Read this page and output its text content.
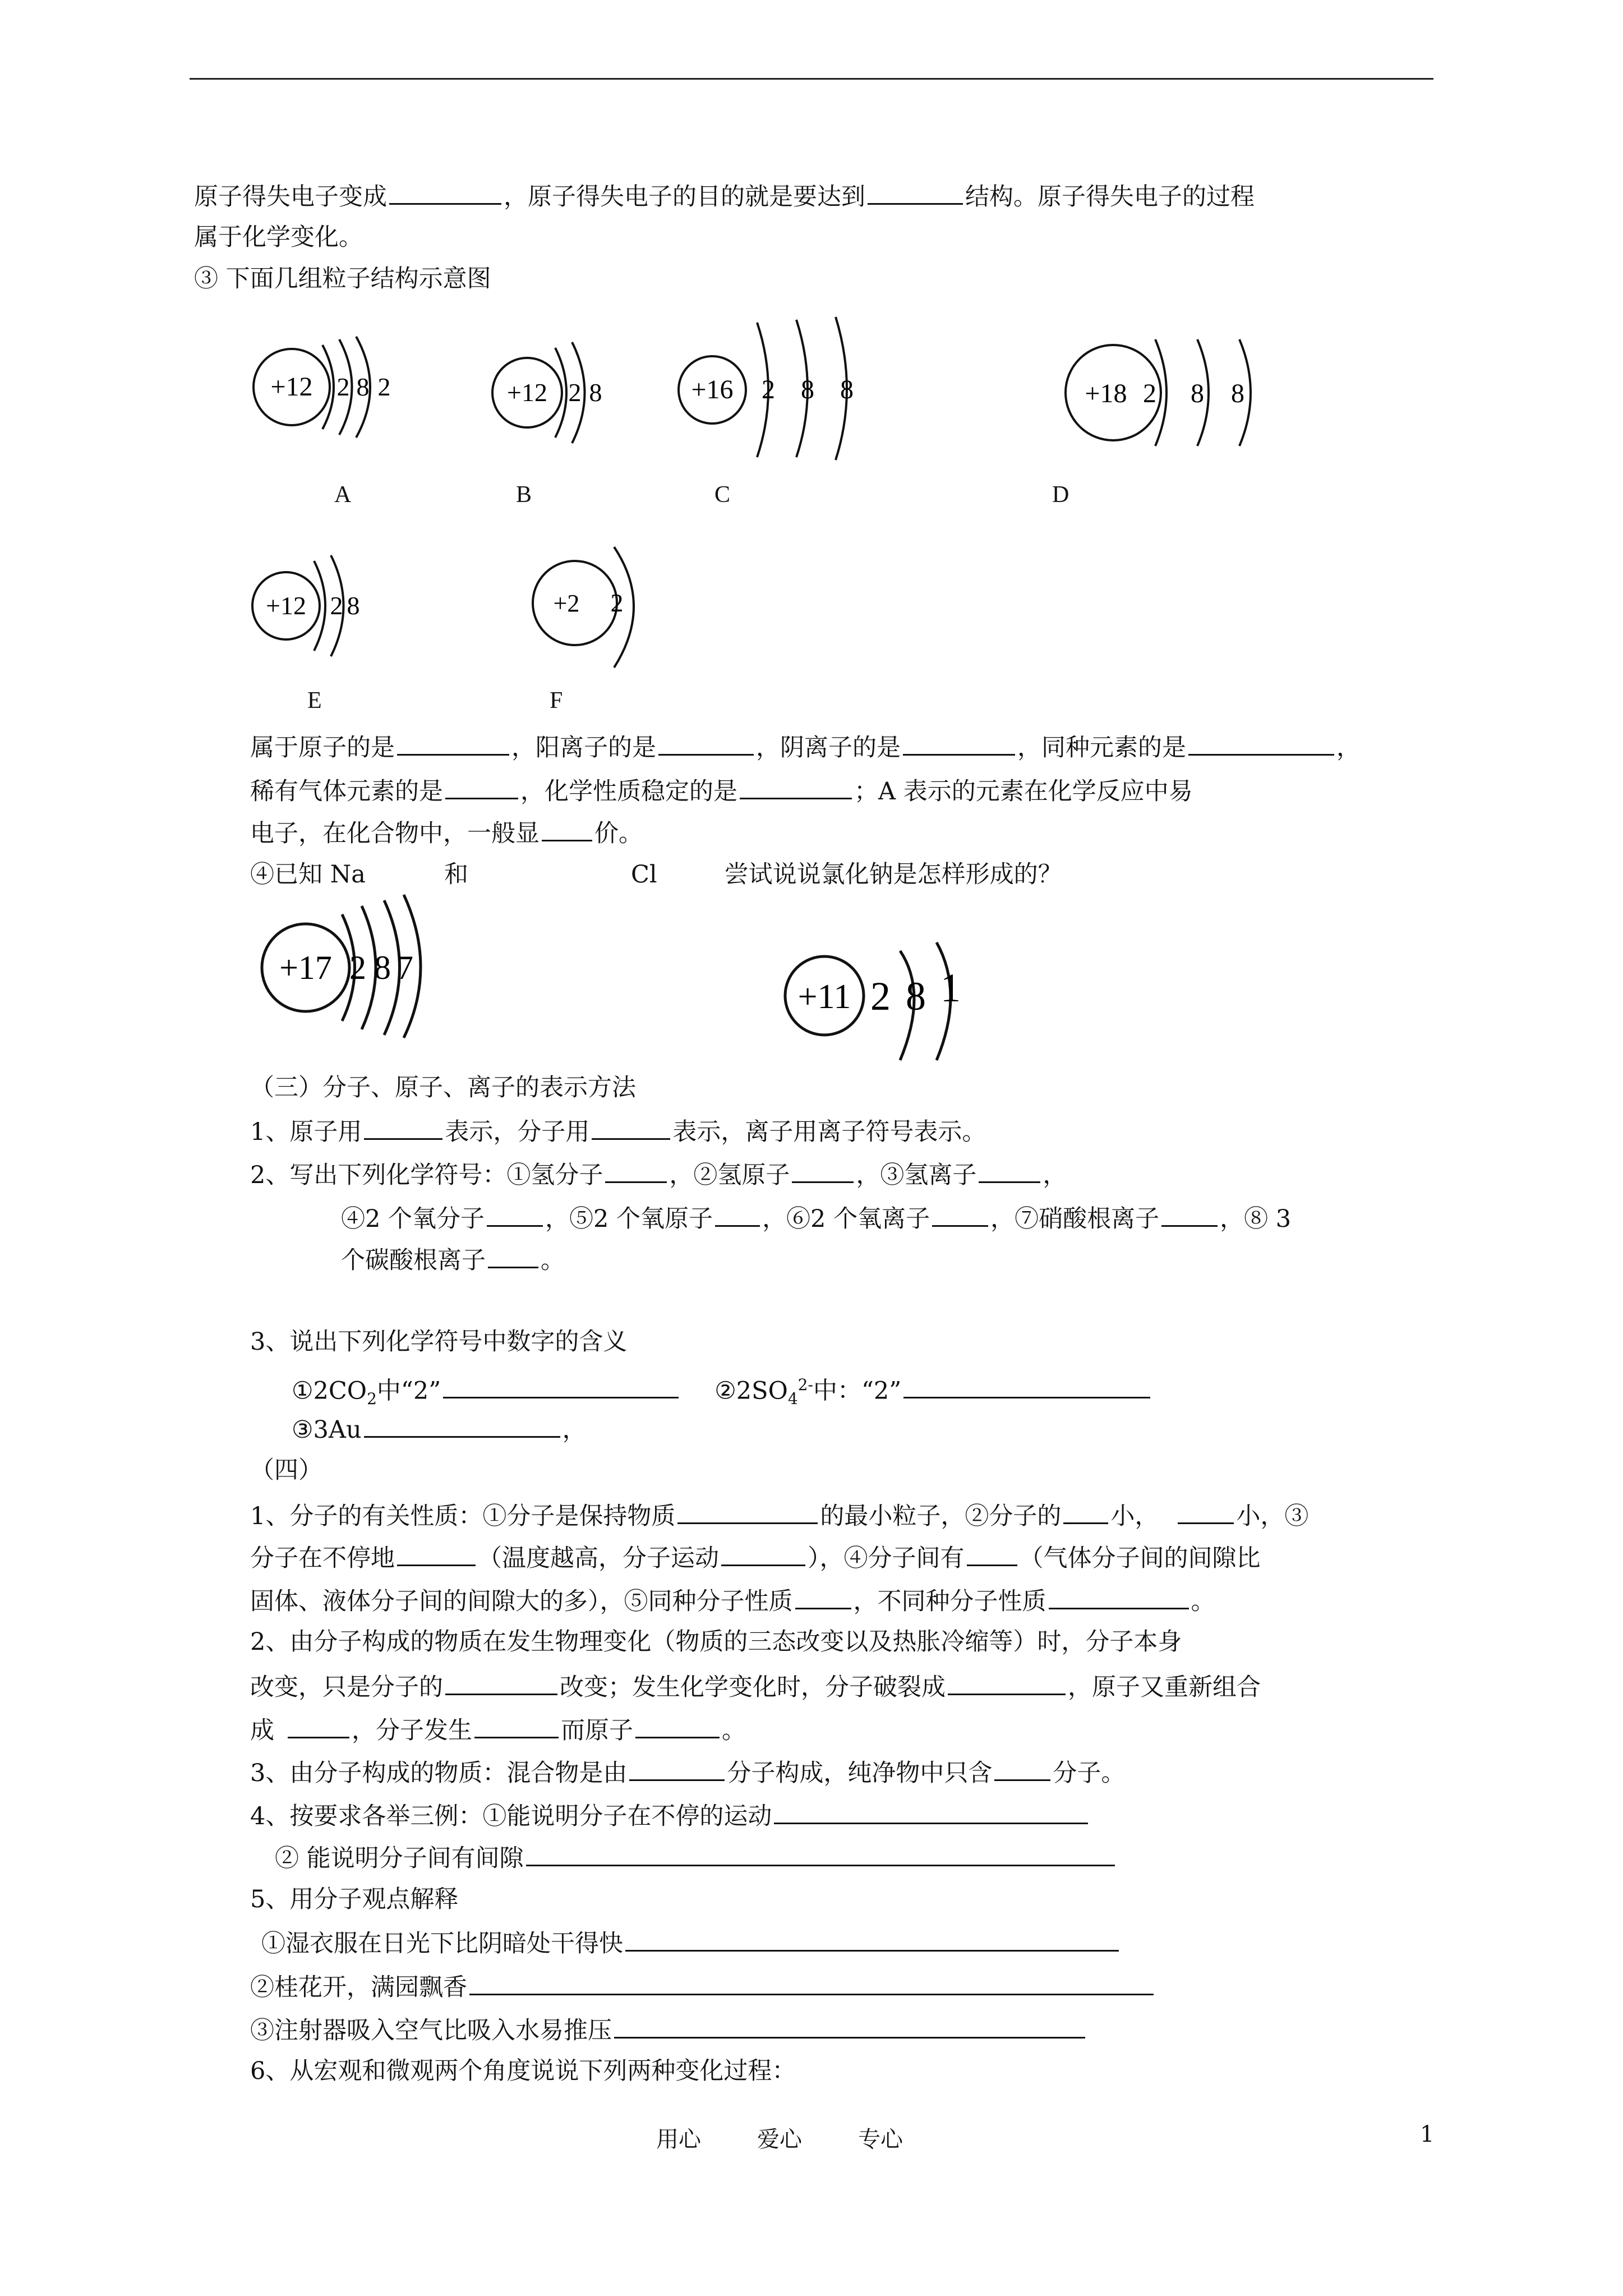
原子得失电子变成	，原子得失电子的目的就是要达到	结构。原子得失电子的过程
属于化学变化。
③ 下面几组粒子结构示意图
+12 2 8 2
A
+12 2 8
B
+16 2 8 8
C
+18 2 8 8
D
+12 2 8
E
+2 2
F
属于原子的是	，阳离子的是	，阴离子的是	，同种元素的是	，
稀有气体元素的是	，化学性质稳定的是	；A 表示的元素在化学反应中易
电子，在化合物中，一般显 价。
④已知 Na	和	Cl	尝试说说氯化钠是怎样形成的？
+17 2 8 7
+11 2 8 1
（三）分子、原子、离子的表示方法
1、原子用	表示，分子用	表示，离子用离子符号表示。
2、写出下列化学符号：①氢分子	，②氢原子	，③氢离子	，
④2 个氧分子	，⑤2 个氧原子 ，⑥2 个氧离子	，⑦硝酸根离子	，⑧ 3
个碳酸根离子 。
3、说出下列化学符号中数字的含义
$①2CO_2$中“2”	$②2SO_4^{2-}$中：“2”
③3Au	，
（四）
1、分子的有关性质：①分子是保持物质	的最小粒子，②分子的 小，	小，③
分子在不停地	（温度越高，分子运动	），④分子间有 （气体分子间的间隙比
固体、液体分子间的间隙大的多），⑤同种分子性质	，不同种分子性质	。
2、由分子构成的物质在发生物理变化（物质的三态改变以及热胀冷缩等）时，分子本身
改变，只是分子的	改变；发生化学变化时，分子破裂成	，原子又重新组合
成	，分子发生	而原子	。
3、由分子构成的物质：混合物是由	分子构成，纯净物中只含	分子。
4、按要求各举三例：①能说明分子在不停的运动
② 能说明分子间有间隙
5、用分子观点解释
①湿衣服在日光下比阴暗处干得快
②桂花开，满园飘香
③注射器吸入空气比吸入水易推压
6、从宏观和微观两个角度说说下列两种变化过程：
用心	爱心	专心	1
